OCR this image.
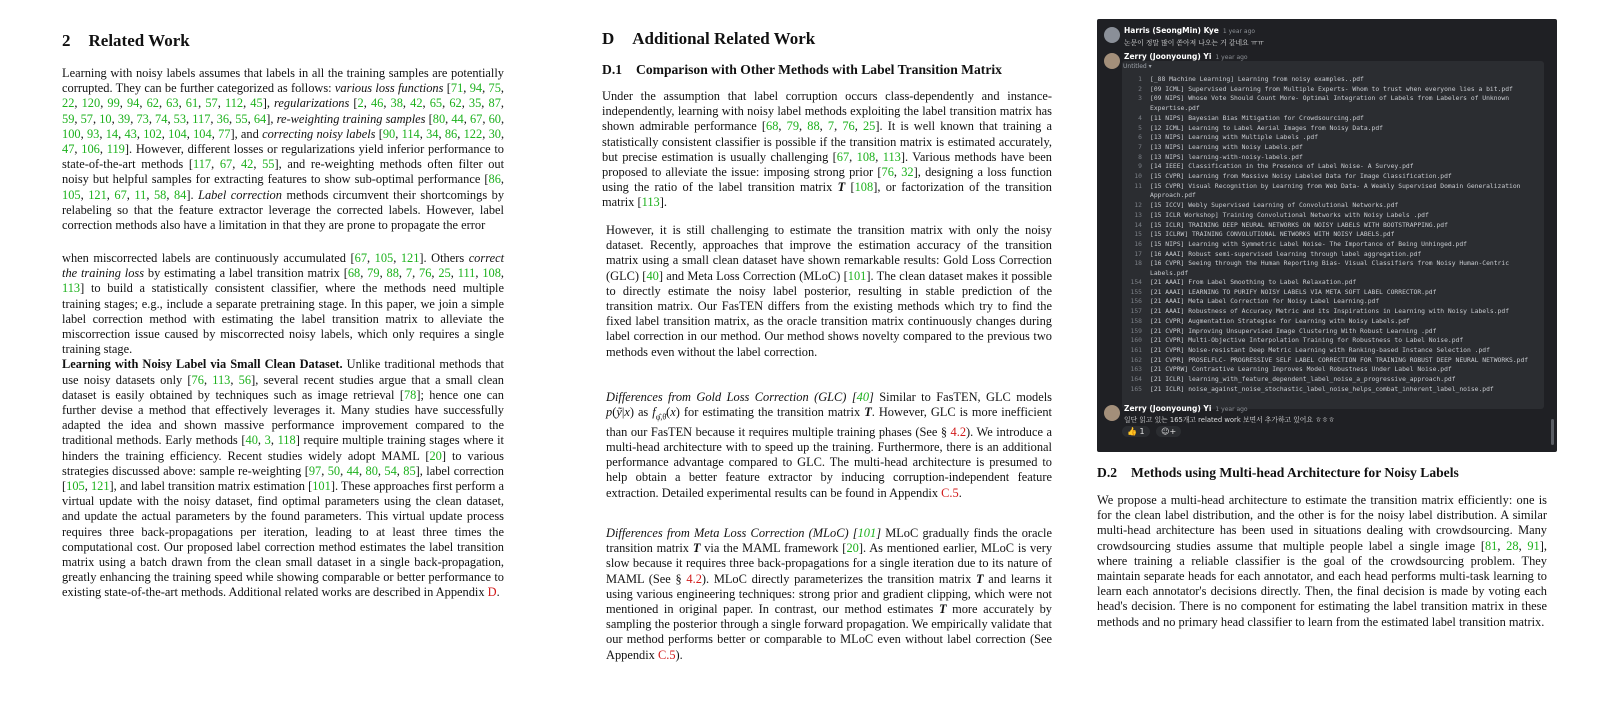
2 Related Work

Learning with noisy labels assumes that labels in all the training samples are potentially corrupted. They can be further categorized as follows: various loss functions [71, 94, 75, 22, 120, 99, 94, 62, 63, 61, 57, 112, 45], regularizations [2, 46, 38, 42, 65, 62, 35, 87, 59, 57, 10, 39, 73, 74, 53, 117, 36, 55, 64], re-weighting training samples [80, 44, 67, 60, 100, 93, 14, 43, 102, 104, 104, 77], and correcting noisy labels [90, 114, 34, 86, 122, 30, 47, 106, 119]. However, different losses or regularizations yield inferior performance to state-of-the-art methods [117, 67, 42, 55], and re-weighting methods often filter out noisy but helpful samples for extracting features to show sub-optimal performance [86, 105, 121, 67, 11, 58, 84]. Label correction methods circumvent their shortcomings by relabeling so that the feature extractor leverage the corrected labels. However, label correction methods also have a limitation in that they are prone to propagate the error

when miscorrected labels are continuously accumulated [67, 105, 121]. Others correct the training loss by estimating a label transition matrix [68, 79, 88, 7, 76, 25, 111, 108, 113] to build a statistically consistent classifier, where the methods need multiple training stages; e.g., include a separate pretraining stage. In this paper, we join a simple label correction method with estimating the label transition matrix to alleviate the miscorrection issue caused by miscorrected noisy labels, which only requires a single training stage.
Learning with Noisy Label via Small Clean Dataset. Unlike traditional methods that use noisy datasets only [76, 113, 56], several recent studies argue that a small clean dataset is easily obtained by techniques such as image retrieval [78]; hence one can further devise a method that effectively leverages it. Many studies have successfully adapted the idea and shown massive performance improvement compared to the traditional methods. Early methods [40, 3, 118] require multiple training stages where it hinders the training efficiency. Recent studies widely adopt MAML [20] to various strategies discussed above: sample re-weighting [97, 50, 44, 80, 54, 85], label correction [105, 121], and label transition matrix estimation [101]. These approaches first perform a virtual update with the noisy dataset, find optimal parameters using the clean dataset, and update the actual parameters by the found parameters. This virtual update process requires three back-propagations per iteration, leading to at least three times the computational cost. Our proposed label correction method estimates the label transition matrix using a batch drawn from the clean small dataset in a single back-propagation, greatly enhancing the training speed while showing comparable or better performance to existing state-of-the-art methods. Additional related works are described in Appendix D.

D Additional Related Work
D.1 Comparison with Other Methods with Label Transition Matrix

Under the assumption that label corruption occurs class-dependently and instance-independently, learning with noisy label methods exploiting the label transition matrix has shown admirable performance [68, 79, 88, 7, 76, 25]. It is well known that training a statistically consistent classifier is possible if the transition matrix is estimated accurately, but precise estimation is usually challenging [67, 108, 113]. Various methods have been proposed to alleviate the issue: imposing strong prior [76, 32], designing a loss function using the ratio of the label transition matrix T [108], or factorization of the transition matrix [113].

However, it is still challenging to estimate the transition matrix with only the noisy dataset. Recently, approaches that improve the estimation accuracy of the transition matrix using a small clean dataset have shown remarkable results: Gold Loss Correction (GLC) [40] and Meta Loss Correction (MLoC) [101]. The clean dataset makes it possible to directly estimate the noisy label posterior, resulting in stable prediction of the transition matrix. Our FasTEN differs from the existing methods which try to find the fixed label transition matrix, as the oracle transition matrix continuously changes during label correction in our method. Our method shows novelty compared to the previous two methods even without the label correction.

Differences from Gold Loss Correction (GLC) [40] Similar to FasTEN, GLC models p(ỹ|x) as $f_{\varphî,\thetâ}(x)$ for estimating the transition matrix T. However, GLC is more inefficient than our FasTEN because it requires multiple training phases (See § 4.2). We introduce a multi-head architecture with to speed up the training. Furthermore, there is an additional performance advantage compared to GLC. The multi-head architecture is presumed to help obtain a better feature extractor by inducing corruption-independent feature extraction. Detailed experimental results can be found in Appendix C.5.

Differences from Meta Loss Correction (MLoC) [101] MLoC gradually finds the oracle transition matrix T via the MAML framework [20]. As mentioned earlier, MLoC is very slow because it requires three back-propagations for a single iteration due to its nature of MAML (See § 4.2). MLoC directly parameterizes the transition matrix T and learns it using various engineering techniques: strong prior and gradient clipping, which were not mentioned in original paper. In contrast, our method estimates T more accurately by sampling the posterior through a single forward propagation. We empirically validate that our method performs better or comparable to MLoC even without label correction (See Appendix C.5).

Harris (SeongMin) Kye 1 year ago
논문이 정말 많이 쏟아져 나오는 거 같네요 ㅠㅠ
Zerry (Joonyoung) Yi 1 year ago
Untitled ▾
1 [_88 Machine Learning] Learning from noisy examples..pdf
2 [09 ICML] Supervised Learning from Multiple Experts- Whom to trust when everyone lies a bit.pdf
3 [09 NIPS] Whose Vote Should Count More- Optimal Integration of Labels from Labelers of Unknown Expertise.pdf
4 [11 NIPS] Bayesian Bias Mitigation for Crowdsourcing.pdf
5 [12 ICML] Learning to Label Aerial Images from Noisy Data.pdf
6 [13 NIPS] Learning with Multiple Labels .pdf
7 [13 NIPS] Learning with Noisy Labels.pdf
8 [13 NIPS] learning-with-noisy-labels.pdf
9 [14 IEEE] Classification in the Presence of Label Noise- A Survey.pdf
10 [15 CVPR] Learning from Massive Noisy Labeled Data for Image Classification.pdf
11 [15 CVPR] Visual Recognition by Learning from Web Data- A Weakly Supervised Domain Generalization Approach.pdf
12 [15 ICCV] Webly Supervised Learning of Convolutional Networks.pdf
13 [15 ICLR Workshop] Training Convolutional Networks with Noisy Labels .pdf
14 [15 ICLR] TRAINING DEEP NEURAL NETWORKS ON NOISY LABELS WITH BOOTSTRAPPING.pdf
15 [15 ICLRW] TRAINING CONVOLUTIONAL NETWORKS WITH NOISY LABELS.pdf
16 [15 NIPS] Learning with Symmetric Label Noise- The Importance of Being Unhinged.pdf
17 [16 AAAI] Robust semi-supervised learning through label aggregation.pdf
18 [16 CVPR] Seeing through the Human Reporting Bias- Visual Classifiers from Noisy Human-Centric Labels.pdf
154 [21 AAAI] From Label Smoothing to Label Relaxation.pdf
155 [21 AAAI] LEARNING TO PURIFY NOISY LABELS VIA META SOFT LABEL CORRECTOR.pdf
156 [21 AAAI] Meta Label Correction for Noisy Label Learning.pdf
157 [21 AAAI] Robustness of Accuracy Metric and its Inspirations in Learning with Noisy Labels.pdf
158 [21 CVPR] Augmentation Strategies for Learning with Noisy Labels.pdf
159 [21 CVPR] Improving Unsupervised Image Clustering With Robust Learning .pdf
160 [21 CVPR] Multi-Objective Interpolation Training for Robustness to Label Noise.pdf
161 [21 CVPR] Noise-resistant Deep Metric Learning with Ranking-based Instance Selection .pdf
162 [21 CVPR] PROSELFLC- PROGRESSIVE SELF LABEL CORRECTION FOR TRAINING ROBUST DEEP NEURAL NETWORKS.pdf
163 [21 CVPRW] Contrastive Learning Improves Model Robustness Under Label Noise.pdf
164 [21 ICLR] learning_with_feature_dependent_label_noise_a_progressive_approach.pdf
165 [21 ICLR] noise_against_noise_stochastic_label_noise_helps_combat_inherent_label_noise.pdf
Zerry (Joonyoung) Yi 1 year ago
일단 읽고 있는 165개고 related work 보면서 추가하고 있어요 ㅎㅎㅎ
👍 1 ☺+
D.2 Methods using Multi-head Architecture for Noisy Labels

We propose a multi-head architecture to estimate the transition matrix efficiently: one is for the clean label distribution, and the other is for the noisy label distribution. A similar multi-head architecture has been used in situations dealing with crowdsourcing. Many crowdsourcing studies assume that multiple people label a single image [81, 28, 91], where training a reliable classifier is the goal of the crowdsourcing problem. They maintain separate heads for each annotator, and each head performs multi-task learning to learn each annotator's decisions directly. Then, the final decision is made by voting each head's decision. There is no component for estimating the label transition matrix in these methods and no primary head classifier to learn from the estimated label transition matrix.
